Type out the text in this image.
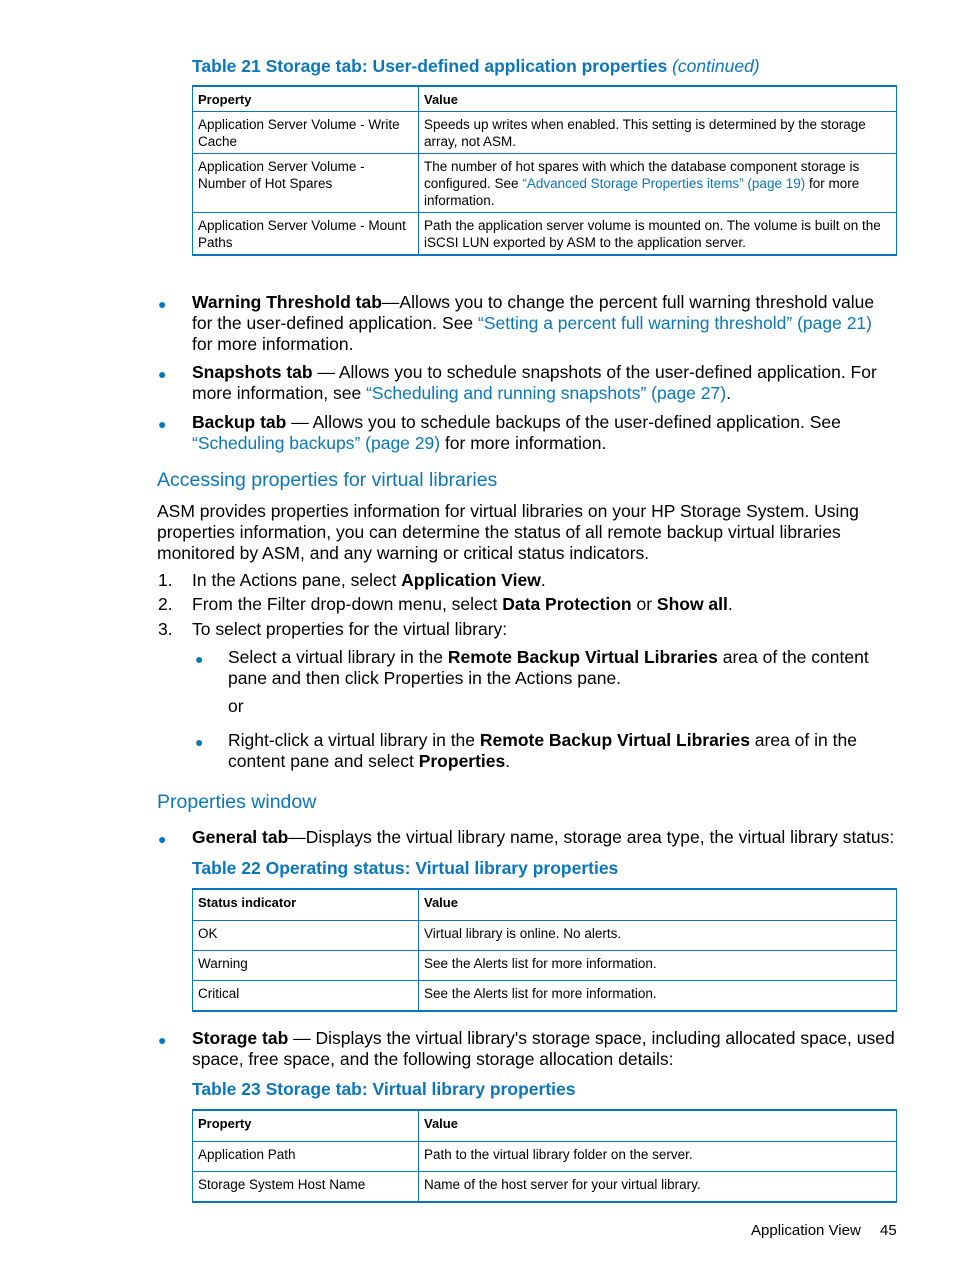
Table 21 Storage tab: User-defined application properties (continued)
Property	Value
Application Server Volume - Write Cache	Speeds up writes when enabled. This setting is determined by the storage array, not ASM.
Application Server Volume - Number of Hot Spares	The number of hot spares with which the database component storage is configured. See “Advanced Storage Properties items” (page 19) for more information.
Application Server Volume - Mount Paths	Path the application server volume is mounted on. The volume is built on the iSCSI LUN exported by ASM to the application server.
● Warning Threshold tab—Allows you to change the percent full warning threshold value for the user-defined application. See “Setting a percent full warning threshold” (page 21) for more information.
● Snapshots tab — Allows you to schedule snapshots of the user-defined application. For more information, see “Scheduling and running snapshots” (page 27).
● Backup tab — Allows you to schedule backups of the user-defined application. See “Scheduling backups” (page 29) for more information.
Accessing properties for virtual libraries
ASM provides properties information for virtual libraries on your HP Storage System. Using properties information, you can determine the status of all remote backup virtual libraries monitored by ASM, and any warning or critical status indicators.
1. In the Actions pane, select Application View.
2. From the Filter drop-down menu, select Data Protection or Show all.
3. To select properties for the virtual library:
● Select a virtual library in the Remote Backup Virtual Libraries area of the content pane and then click Properties in the Actions pane.
or
● Right-click a virtual library in the Remote Backup Virtual Libraries area of in the content pane and select Properties.
Properties window
● General tab—Displays the virtual library name, storage area type, the virtual library status:
Table 22 Operating status: Virtual library properties
Status indicator	Value
OK	Virtual library is online. No alerts.
Warning	See the Alerts list for more information.
Critical	See the Alerts list for more information.
● Storage tab — Displays the virtual library's storage space, including allocated space, used space, free space, and the following storage allocation details:
Table 23 Storage tab: Virtual library properties
Property	Value
Application Path	Path to the virtual library folder on the server.
Storage System Host Name	Name of the host server for your virtual library.
Application View 45
